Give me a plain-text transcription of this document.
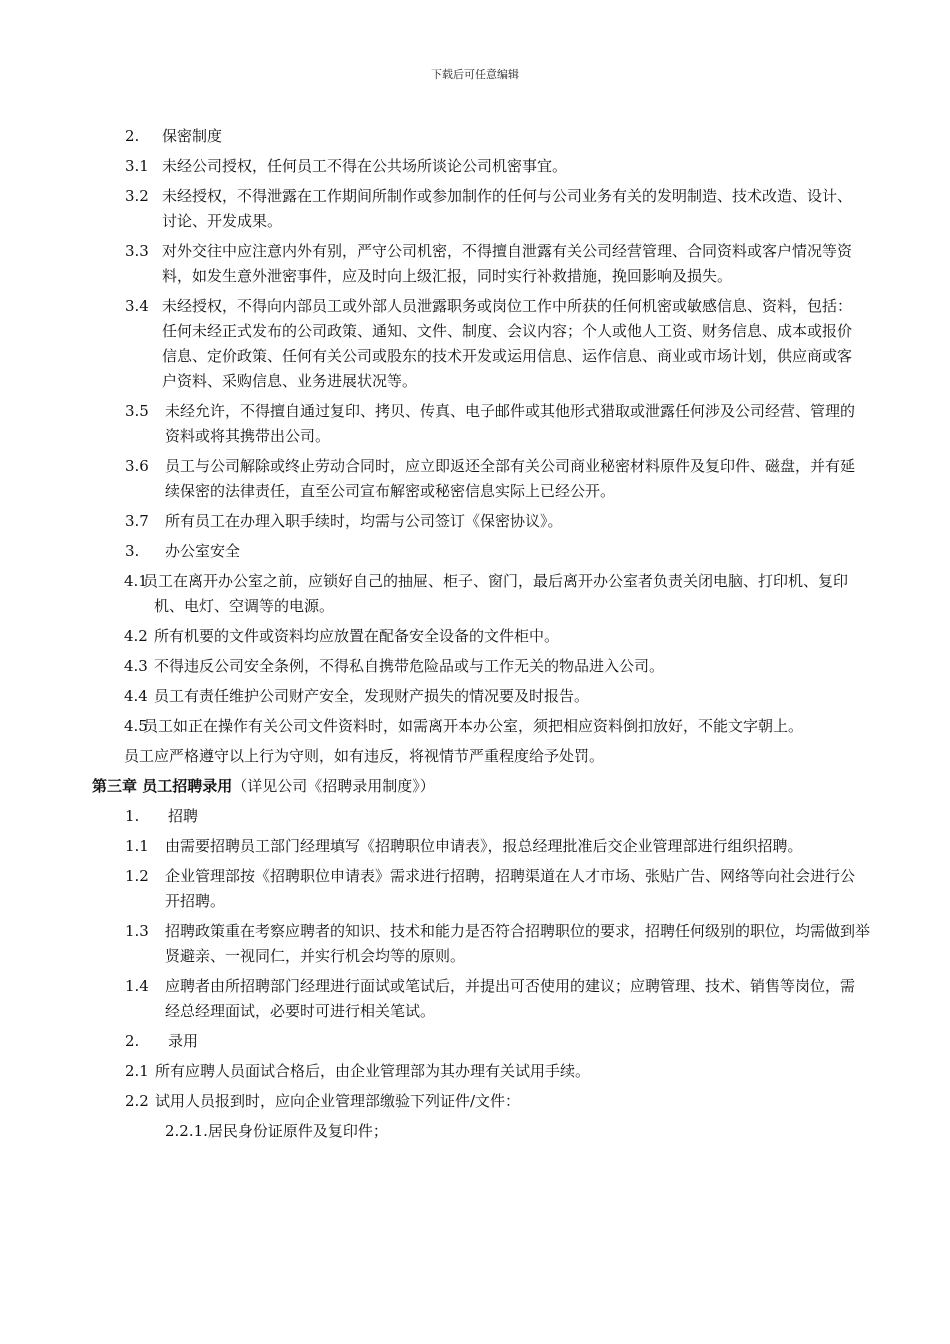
下载后可任意编辑
2. 保密制度
3.1 未经公司授权，任何员工不得在公共场所谈论公司机密事宜。
3.2 未经授权，不得泄露在工作期间所制作或参加制作的任何与公司业务有关的发明制造、技术改造、设计、讨论、开发成果。
3.3 对外交往中应注意内外有别，严守公司机密，不得擅自泄露有关公司经营管理、合同资料或客户情况等资料，如发生意外泄密事件，应及时向上级汇报，同时实行补救措施，挽回影响及损失。
3.4 未经授权，不得向内部员工或外部人员泄露职务或岗位工作中所获的任何机密或敏感信息、资料，包括：任何未经正式发布的公司政策、通知、文件、制度、会议内容；个人或他人工资、财务信息、成本或报价信息、定价政策、任何有关公司或股东的技术开发或运用信息、运作信息、商业或市场计划，供应商或客户资料、采购信息、业务进展状况等。
3.5 未经允许，不得擅自通过复印、拷贝、传真、电子邮件或其他形式猎取或泄露任何涉及公司经营、管理的资料或将其携带出公司。
3.6 员工与公司解除或终止劳动合同时，应立即返还全部有关公司商业秘密材料原件及复印件、磁盘，并有延续保密的法律责任，直至公司宣布解密或秘密信息实际上已经公开。
3.7 所有员工在办理入职手续时，均需与公司签订《保密协议》。
3. 办公室安全
4.1
员工在离开办公室之前，应锁好自己的抽屉、柜子、窗门，最后离开办公室者负责关闭电脑、打印机、复印机、电灯、空调等的电源。
4.2 所有机要的文件或资料均应放置在配备安全设备的文件柜中。
4.3 不得违反公司安全条例，不得私自携带危险品或与工作无关的物品进入公司。
4.4 员工有责任维护公司财产安全，发现财产损失的情况要及时报告。
4.5
员工如正在操作有关公司文件资料时，如需离开本办公室，须把相应资料倒扣放好，不能文字朝上。
员工应严格遵守以上行为守则，如有违反，将视情节严重程度给予处罚。
第三章 员工招聘录用（详见公司《招聘录用制度》）
1. 招聘
1.1 由需要招聘员工部门经理填写《招聘职位申请表》，报总经理批准后交企业管理部进行组织招聘。
1.2 企业管理部按《招聘职位申请表》需求进行招聘，招聘渠道在人才市场、张贴广告、网络等向社会进行公开招聘。
1.3 招聘政策重在考察应聘者的知识、技术和能力是否符合招聘职位的要求，招聘任何级别的职位，均需做到举贤避亲、一视同仁，并实行机会均等的原则。
1.4 应聘者由所招聘部门经理进行面试或笔试后，并提出可否使用的建议；应聘管理、技术、销售等岗位，需经总经理面试，必要时可进行相关笔试。
2. 录用
2.1 所有应聘人员面试合格后，由企业管理部为其办理有关试用手续。
2.2 试用人员报到时，应向企业管理部缴验下列证件/文件：
2.2.1.居民身份证原件及复印件；
